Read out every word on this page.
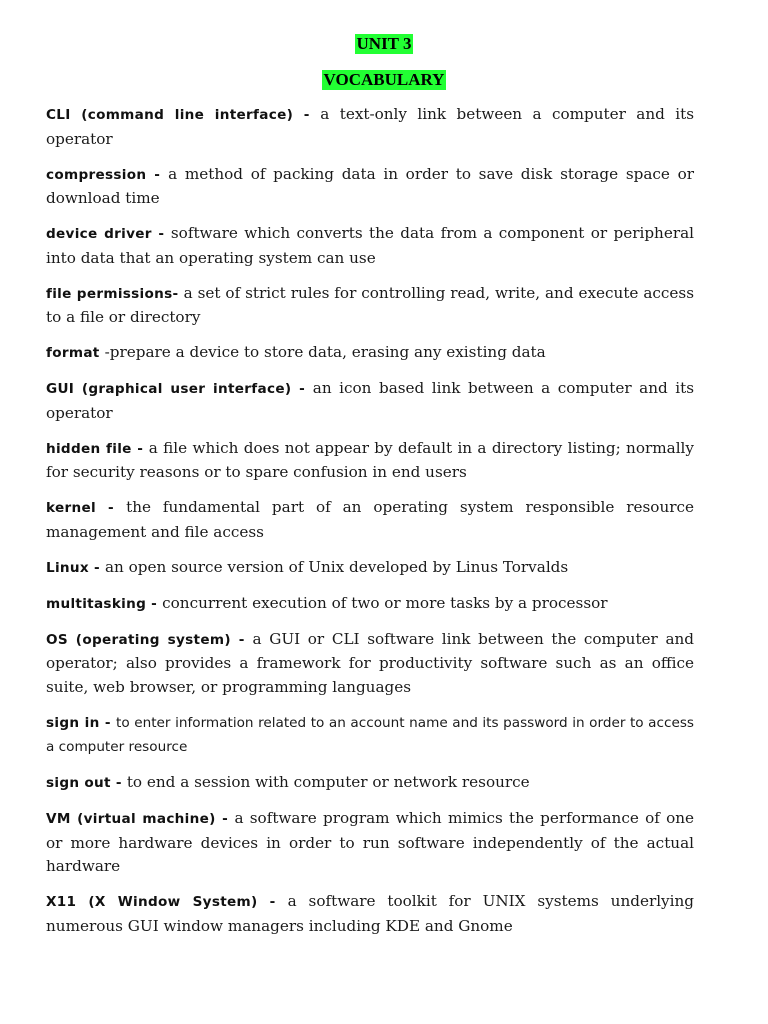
UNIT 3
VOCABULARY

CLI (command line interface) - a text-only link between a computer and its operator

compression - a method of packing data in order to save disk storage space or download time

device driver - software which converts the data from a component or peripheral into data that an operating system can use

file permissions- a set of strict rules for controlling read, write, and execute access to a file or directory

format -prepare a device to store data, erasing any existing data

GUI (graphical user interface) - an icon based link between a computer and its operator

hidden file - a file which does not appear by default in a directory listing; normally for security reasons or to spare confusion in end users

kernel - the fundamental part of an operating system responsible resource management and file access

Linux - an open source version of Unix developed by Linus Torvalds

multitasking - concurrent execution of two or more tasks by a processor

OS (operating system) - a GUI or CLI software link between the computer and operator; also provides a framework for productivity software such as an office suite, web browser, or programming languages

sign in - to enter information related to an account name and its password in order to access a computer resource

sign out - to end a session with computer or network resource

VM (virtual machine) - a software program which mimics the performance of one or more hardware devices in order to run software independently of the actual hardware

X11 (X Window System) - a software toolkit for UNIX systems underlying numerous GUI window managers including KDE and Gnome
